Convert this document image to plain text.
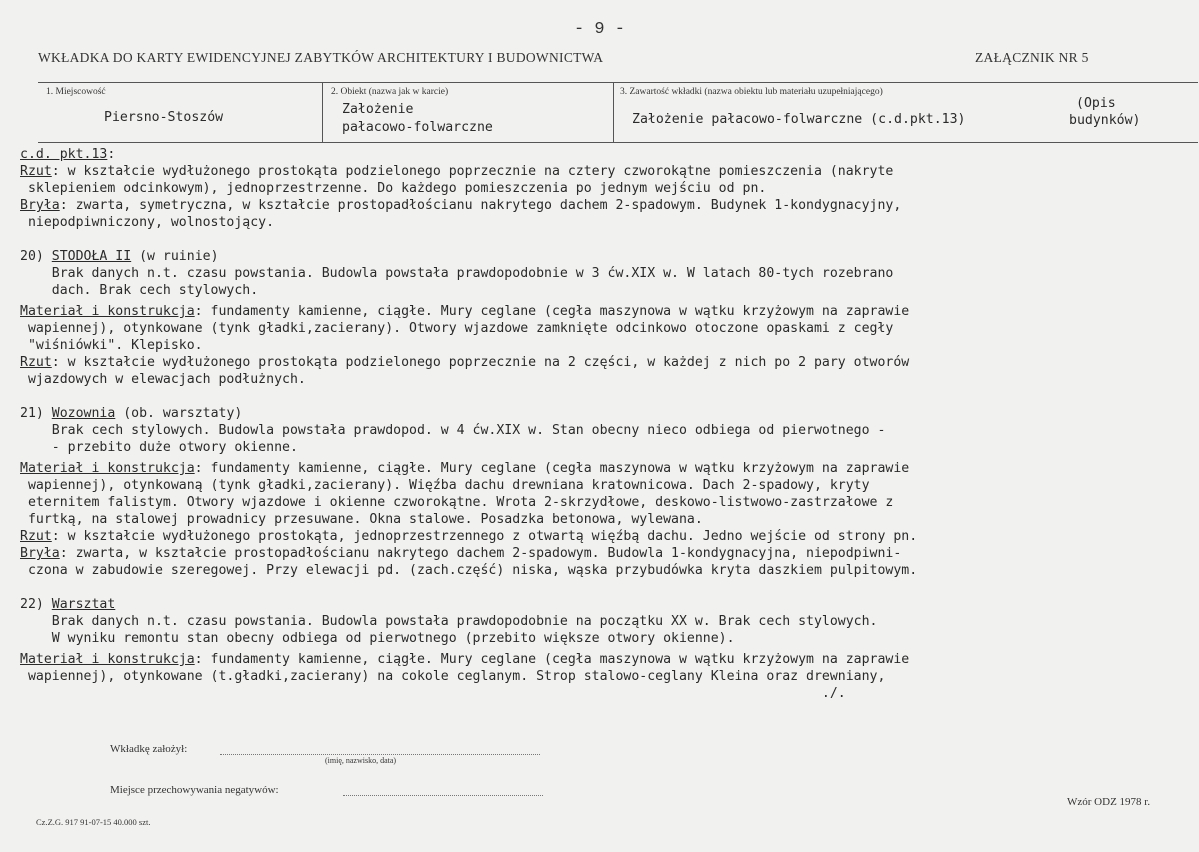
- 9 -
WKŁADKA DO KARTY EWIDENCYJNEJ ZABYTKÓW ARCHITEKTURY I BUDOWNICTWA	ZAŁĄCZNIK NR 5
1. Miejscowość
Piersno-Stoszów
2. Obiekt (nazwa jak w karcie)
Założenie
pałacowo-folwarczne
3. Zawartość wkładki (nazwa obiektu lub materiału uzupełniającego)
Założenie pałacowo-folwarczne (c.d.pkt.13)
(Opis
budynków)
c.d. pkt.13:
Rzut: w kształcie wydłużonego prostokąta podzielonego poprzecznie na cztery czworokątne pomieszczenia (nakryte
sklepieniem odcinkowym), jednoprzestrzenne. Do każdego pomieszczenia po jednym wejściu od pn.
Bryła: zwarta, symetryczna, w kształcie prostopadłościanu nakrytego dachem 2-spadowym. Budynek 1-kondygnacyjny,
niepodpiwniczony, wolnostojący.
20) STODOŁA II (w ruinie)
Brak danych n.t. czasu powstania. Budowla powstała prawdopodobnie w 3 ćw.XIX w. W latach 80-tych rozebrano
dach. Brak cech stylowych.
Materiał i konstrukcja: fundamenty kamienne, ciągłe. Mury ceglane (cegła maszynowa w wątku krzyżowym na zaprawie
wapiennej), otynkowane (tynk gładki,zacierany). Otwory wjazdowe zamknięte odcinkowo otoczone opaskami z cegły
"wiśniówki". Klepisko.
Rzut: w kształcie wydłużonego prostokąta podzielonego poprzecznie na 2 części, w każdej z nich po 2 pary otworów
wjazdowych w elewacjach podłużnych.
21) Wozownia (ob. warsztaty)
Brak cech stylowych. Budowla powstała prawdopod. w 4 ćw.XIX w. Stan obecny nieco odbiega od pierwotnego -
- przebito duże otwory okienne.
Materiał i konstrukcja: fundamenty kamienne, ciągłe. Mury ceglane (cegła maszynowa w wątku krzyżowym na zaprawie
wapiennej), otynkowaną (tynk gładki,zacierany). Więźba dachu drewniana kratownicowa. Dach 2-spadowy, kryty
eternitem falistym. Otwory wjazdowe i okienne czworokątne. Wrota 2-skrzydłowe, deskowo-listwowo-zastrzałowe z
furtką, na stalowej prowadnicy przesuwane. Okna stalowe. Posadzka betonowa, wylewana.
Rzut: w kształcie wydłużonego prostokąta, jednoprzestrzennego z otwartą więźbą dachu. Jedno wejście od strony pn.
Bryła: zwarta, w kształcie prostopadłościanu nakrytego dachem 2-spadowym. Budowla 1-kondygnacyjna, niepodpiwni-
czona w zabudowie szeregowej. Przy elewacji pd. (zach.część) niska, wąska przybudówka kryta daszkiem pulpitowym.
22) Warsztat
Brak danych n.t. czasu powstania. Budowla powstała prawdopodobnie na początku XX w. Brak cech stylowych.
W wyniku remontu stan obecny odbiega od pierwotnego (przebito większe otwory okienne).
Materiał i konstrukcja: fundamenty kamienne, ciągłe. Mury ceglane (cegła maszynowa w wątku krzyżowym na zaprawie
wapiennej), otynkowane (t.gładki,zacierany) na cokole ceglanym. Strop stalowo-ceglany Kleina oraz drewniany,
./.
Wkładkę założył:
(imię, nazwisko, data)
Miejsce przechowywania negatywów:
Cz.Z.G. 917 91-07-15 40.000 szt.
Wzór ODZ 1978 r.
